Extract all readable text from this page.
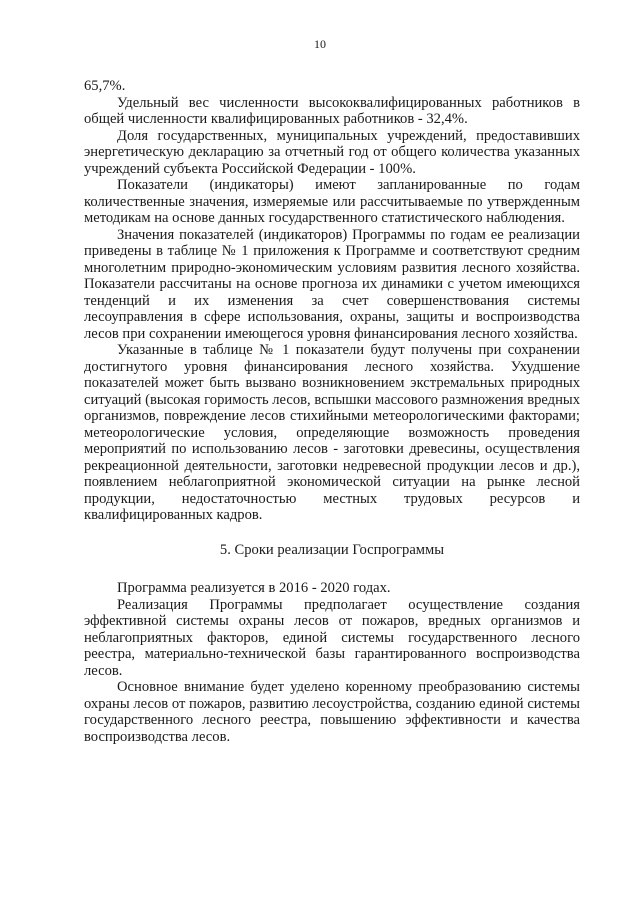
10

65,7%.

Удельный вес численности высококвалифицированных работников в общей численности квалифицированных работников - 32,4%.

Доля государственных, муниципальных учреждений, предоставивших энергетическую декларацию за отчетный год от общего количества указанных учреждений субъекта Российской Федерации - 100%.

Показатели (индикаторы) имеют запланированные по годам количественные значения, измеряемые или рассчитываемые по утвержденным методикам на основе данных государственного статистического наблюдения.

Значения показателей (индикаторов) Программы по годам ее реализации приведены в таблице № 1 приложения к Программе и соответствуют средним многолетним природно-экономическим условиям развития лесного хозяйства. Показатели рассчитаны на основе прогноза их динамики с учетом имеющихся тенденций и их изменения за счет совершенствования системы лесоуправления в сфере использования, охраны, защиты и воспроизводства лесов при сохранении имеющегося уровня финансирования лесного хозяйства.

Указанные в таблице № 1 показатели будут получены при сохранении достигнутого уровня финансирования лесного хозяйства. Ухудшение показателей может быть вызвано возникновением экстремальных природных ситуаций (высокая горимость лесов, вспышки массового размножения вредных организмов, повреждение лесов стихийными метеорологическими факторами; метеорологические условия, определяющие возможность проведения мероприятий по использованию лесов - заготовки древесины, осуществления рекреационной деятельности, заготовки недревесной продукции лесов и др.), появлением неблагоприятной экономической ситуации на рынке лесной продукции, недостаточностью местных трудовых ресурсов и квалифицированных кадров.

5. Сроки реализации Госпрограммы

Программа реализуется в 2016 - 2020 годах.

Реализация Программы предполагает осуществление создания эффективной системы охраны лесов от пожаров, вредных организмов и неблагоприятных факторов, единой системы государственного лесного реестра, материально-технической базы гарантированного воспроизводства лесов.

Основное внимание будет уделено коренному преобразованию системы охраны лесов от пожаров, развитию лесоустройства, созданию единой системы государственного лесного реестра, повышению эффективности и качества воспроизводства лесов.
